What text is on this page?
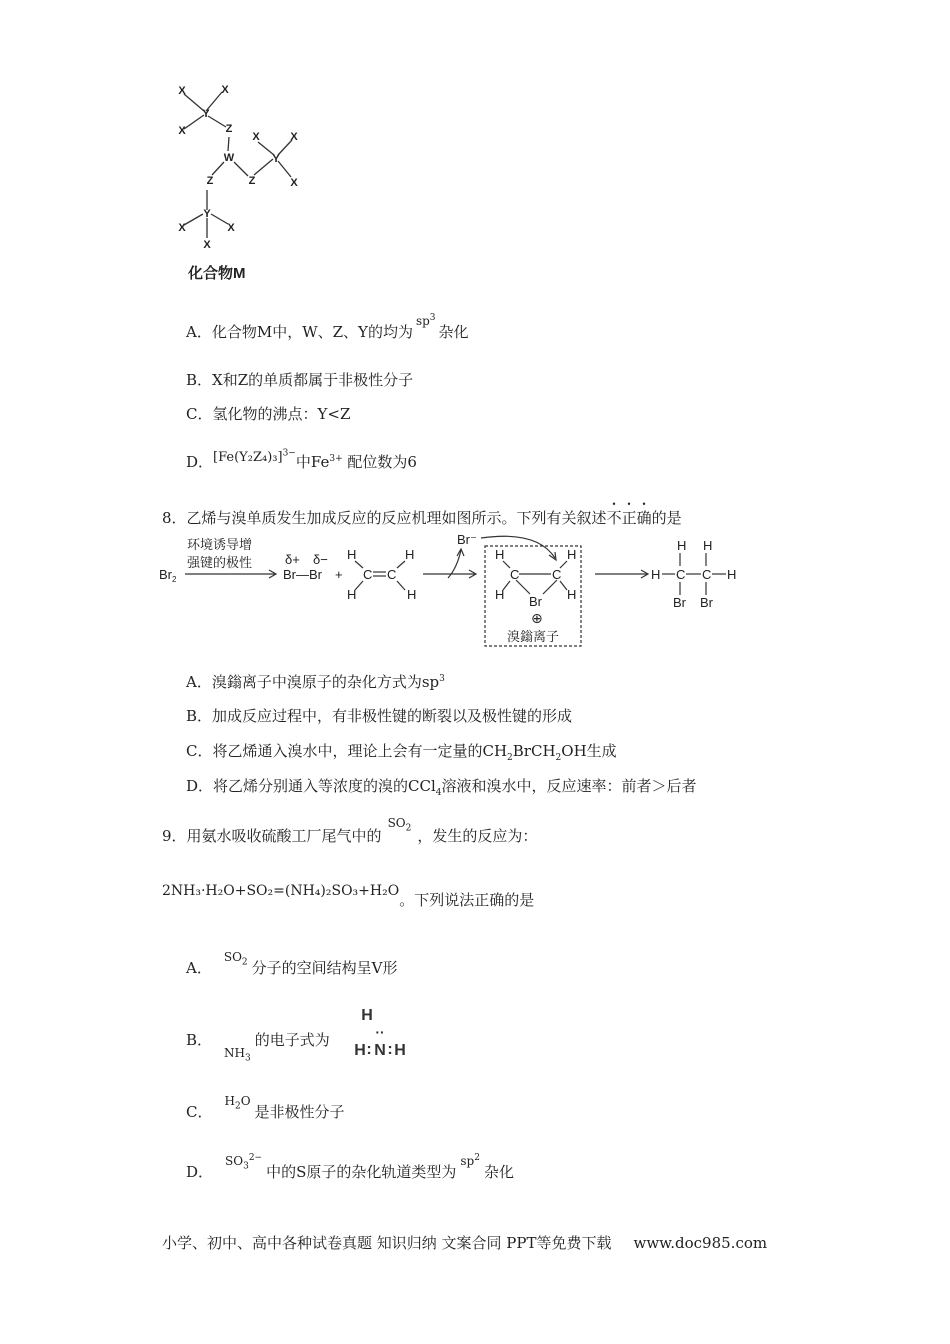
X	X
Y
X	Z
X	X
W	Y
Z	Z	X
Y
X	X
X
化合物M
A．化合物M中，W、Z、Y的均为$^{sp^3}$杂化
B．X和Z的单质都属于非极性分子
C．氢化物的沸点：Y<Z
D．$[Fe(Y_2Z_4)_3]^{3-}$中$Fe^{3+}$ 配位数为6
8．乙烯与溴单质发生加成反应的反应机理如图所示。下列有关叙述不正确的是
Br 2
环境诱导增
强键的极性	δ+ δ−
Br—Br +
H	H
C C
H	H
Br⁻
H	H
C	C
H	H
Br
⊕
溴鎓离子
H H
H C C H
Br Br
A．溴鎓离子中溴原子的杂化方式为$sp^3$
B．加成反应过程中，有非极性键的断裂以及极性键的形成
C．将乙烯通入溴水中，理论上会有一定量的$CH_2BrCH_2OH$生成
D．将乙烯分别通入等浓度的溴的CCl$_4$溶液和溴水中，反应速率：前者＞后者
9．用氨水吸收硫酸工厂尾气中的$^{SO_2}$ ，发生的反应为：
2NH₃·H₂O+SO₂=(NH₄)₂SO₃+H₂O。下列说法正确的是
A．$^{SO_2}$ 分子的空间结构呈V形
B．$_{NH_3}$的电子式为
H
H : N
··
: H
C．$^{H_2O}$是非极性分子
D．$^{SO_3^{2-}}$中的S原子的杂化轨道类型为$^{sp^2}$杂化
小学、初中、高中各种试卷真题 知识归纳 文案合同 PPT等免费下载 www.doc985.com
